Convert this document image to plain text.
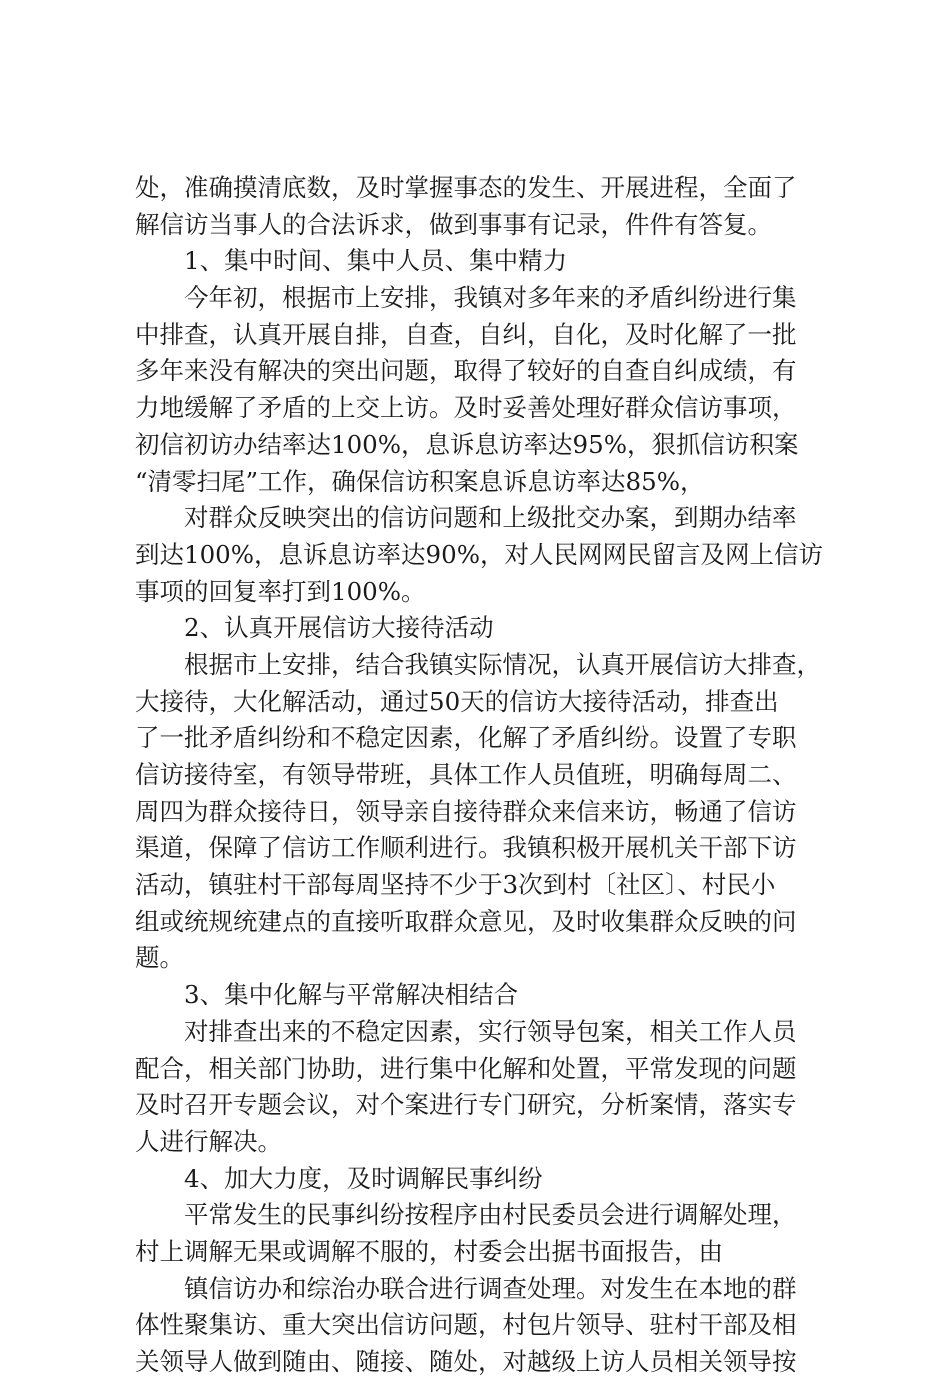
处，准确摸清底数，及时掌握事态的发生、开展进程，全面了
解信访当事人的合法诉求，做到事事有记录，件件有答复。
1、集中时间、集中人员、集中精力
今年初，根据市上安排，我镇对多年来的矛盾纠纷进行集
中排查，认真开展自排，自查，自纠，自化，及时化解了一批
多年来没有解决的突出问题，取得了较好的自查自纠成绩，有
力地缓解了矛盾的上交上访。及时妥善处理好群众信访事项，
初信初访办结率达100%，息诉息访率达95%，狠抓信访积案
“清零扫尾”工作，确保信访积案息诉息访率达85%，
对群众反映突出的信访问题和上级批交办案，到期办结率
到达100%，息诉息访率达90%，对人民网网民留言及网上信访
事项的回复率打到100%。
2、认真开展信访大接待活动
根据市上安排，结合我镇实际情况，认真开展信访大排查，
大接待，大化解活动，通过50天的信访大接待活动，排查出
了一批矛盾纠纷和不稳定因素，化解了矛盾纠纷。设置了专职
信访接待室，有领导带班，具体工作人员值班，明确每周二、
周四为群众接待日，领导亲自接待群众来信来访，畅通了信访
渠道，保障了信访工作顺利进行。我镇积极开展机关干部下访
活动，镇驻村干部每周坚持不少于3次到村〔社区〕、村民小
组或统规统建点的直接听取群众意见，及时收集群众反映的问
题。
3、集中化解与平常解决相结合
对排查出来的不稳定因素，实行领导包案，相关工作人员
配合，相关部门协助，进行集中化解和处置，平常发现的问题
及时召开专题会议，对个案进行专门研究，分析案情，落实专
人进行解决。
4、加大力度，及时调解民事纠纷
平常发生的民事纠纷按程序由村民委员会进行调解处理，
村上调解无果或调解不服的，村委会出据书面报告，由
镇信访办和综治办联合进行调查处理。对发生在本地的群
体性聚集访、重大突出信访问题，村包片领导、驻村干部及相
关领导人做到随由、随接、随处，对越级上访人员相关领导按
